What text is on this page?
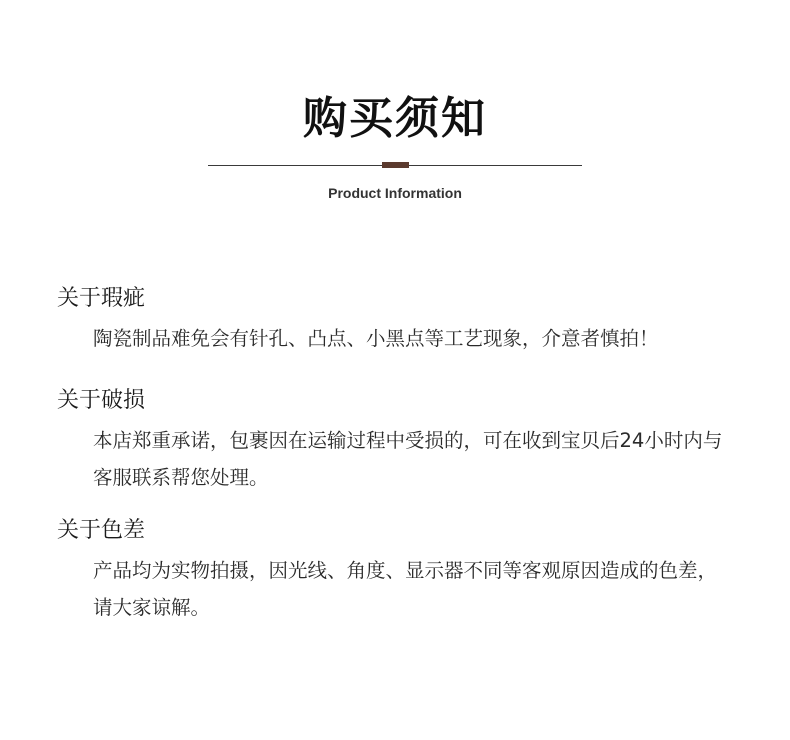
购买须知
Product Information
关于瑕疵

陶瓷制品难免会有针孔、凸点、小黑点等工艺现象，介意者慎拍！

关于破损

本店郑重承诺，包裹因在运输过程中受损的，可在收到宝贝后24小时内与客服联系帮您处理。

关于色差

产品均为实物拍摄，因光线、角度、显示器不同等客观原因造成的色差，请大家谅解。
